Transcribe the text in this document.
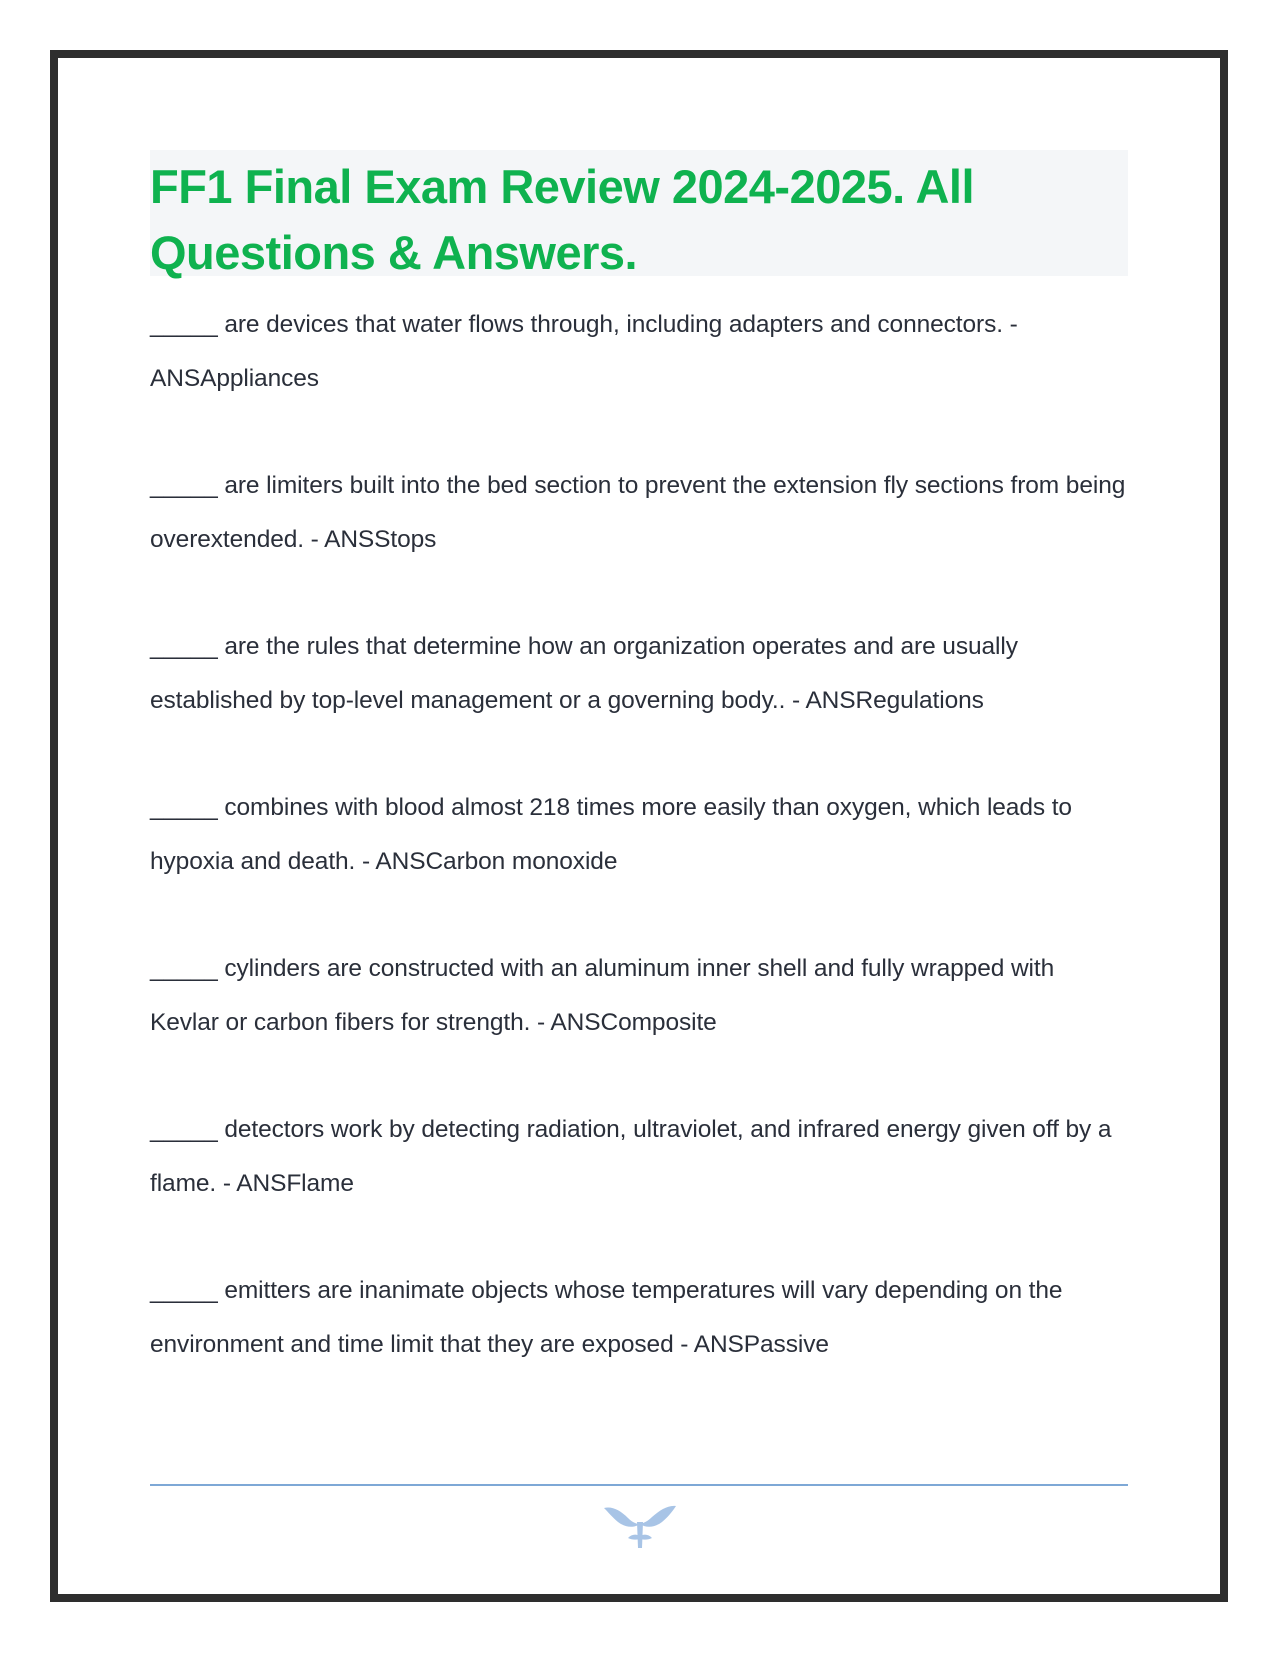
FF1 Final Exam Review 2024-2025. All Questions & Answers.
_____ are devices that water flows through, including adapters and connectors. - ANSAppliances
_____ are limiters built into the bed section to prevent the extension fly sections from being overextended. - ANSStops
_____ are the rules that determine how an organization operates and are usually established by top-level management or a governing body.. - ANSRegulations
_____ combines with blood almost 218 times more easily than oxygen, which leads to hypoxia and death. - ANSCarbon monoxide
_____ cylinders are constructed with an aluminum inner shell and fully wrapped with Kevlar or carbon fibers for strength. - ANSComposite
_____ detectors work by detecting radiation, ultraviolet, and infrared energy given off by a flame. - ANSFlame
_____ emitters are inanimate objects whose temperatures will vary depending on the environment and time limit that they are exposed - ANSPassive
